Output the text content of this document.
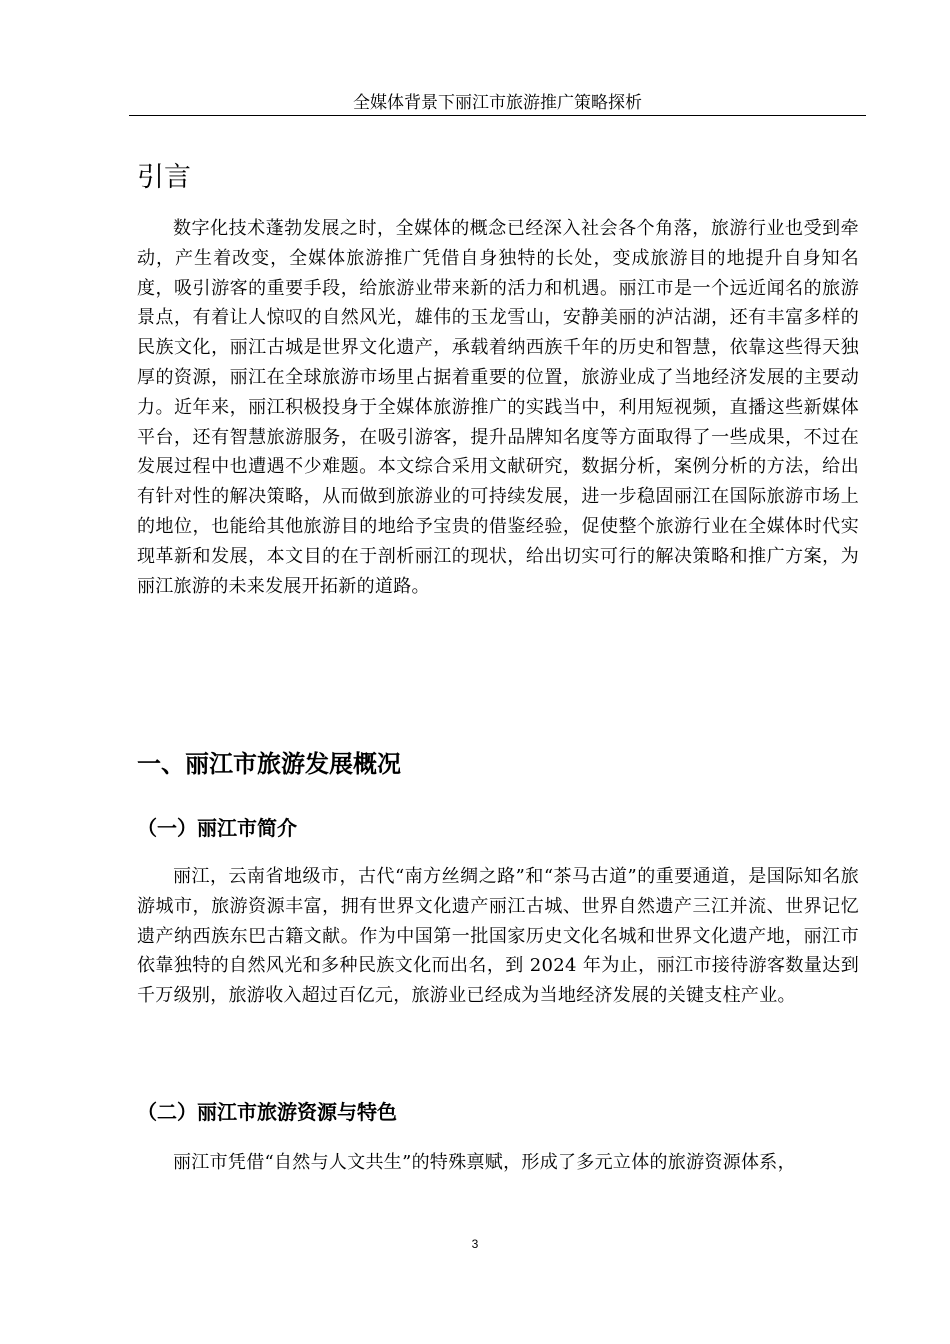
全媒体背景下丽江市旅游推广策略探析
引言

数字化技术蓬勃发展之时，全媒体的概念已经深入社会各个角落，旅游行业也受到牵动，产生着改变，全媒体旅游推广凭借自身独特的长处，变成旅游目的地提升自身知名度，吸引游客的重要手段，给旅游业带来新的活力和机遇。丽江市是一个远近闻名的旅游景点，有着让人惊叹的自然风光，雄伟的玉龙雪山，安静美丽的泸沽湖，还有丰富多样的民族文化，丽江古城是世界文化遗产，承载着纳西族千年的历史和智慧，依靠这些得天独厚的资源，丽江在全球旅游市场里占据着重要的位置，旅游业成了当地经济发展的主要动力。近年来，丽江积极投身于全媒体旅游推广的实践当中，利用短视频，直播这些新媒体平台，还有智慧旅游服务，在吸引游客，提升品牌知名度等方面取得了一些成果，不过在发展过程中也遭遇不少难题。本文综合采用文献研究，数据分析，案例分析的方法，给出有针对性的解决策略，从而做到旅游业的可持续发展，进一步稳固丽江在国际旅游市场上的地位，也能给其他旅游目的地给予宝贵的借鉴经验，促使整个旅游行业在全媒体时代实现革新和发展，本文目的在于剖析丽江的现状，给出切实可行的解决策略和推广方案，为丽江旅游的未来发展开拓新的道路。

一、丽江市旅游发展概况
（一）丽江市简介

丽江，云南省地级市，古代“南方丝绸之路”和“茶马古道”的重要通道，是国际知名旅游城市，旅游资源丰富，拥有世界文化遗产丽江古城、世界自然遗产三江并流、世界记忆遗产纳西族东巴古籍文献。作为中国第一批国家历史文化名城和世界文化遗产地，丽江市依靠独特的自然风光和多种民族文化而出名，到 2024 年为止，丽江市接待游客数量达到千万级别，旅游收入超过百亿元，旅游业已经成为当地经济发展的关键支柱产业。

（二）丽江市旅游资源与特色

丽江市凭借“自然与人文共生”的特殊禀赋，形成了多元立体的旅游资源体系，

3
